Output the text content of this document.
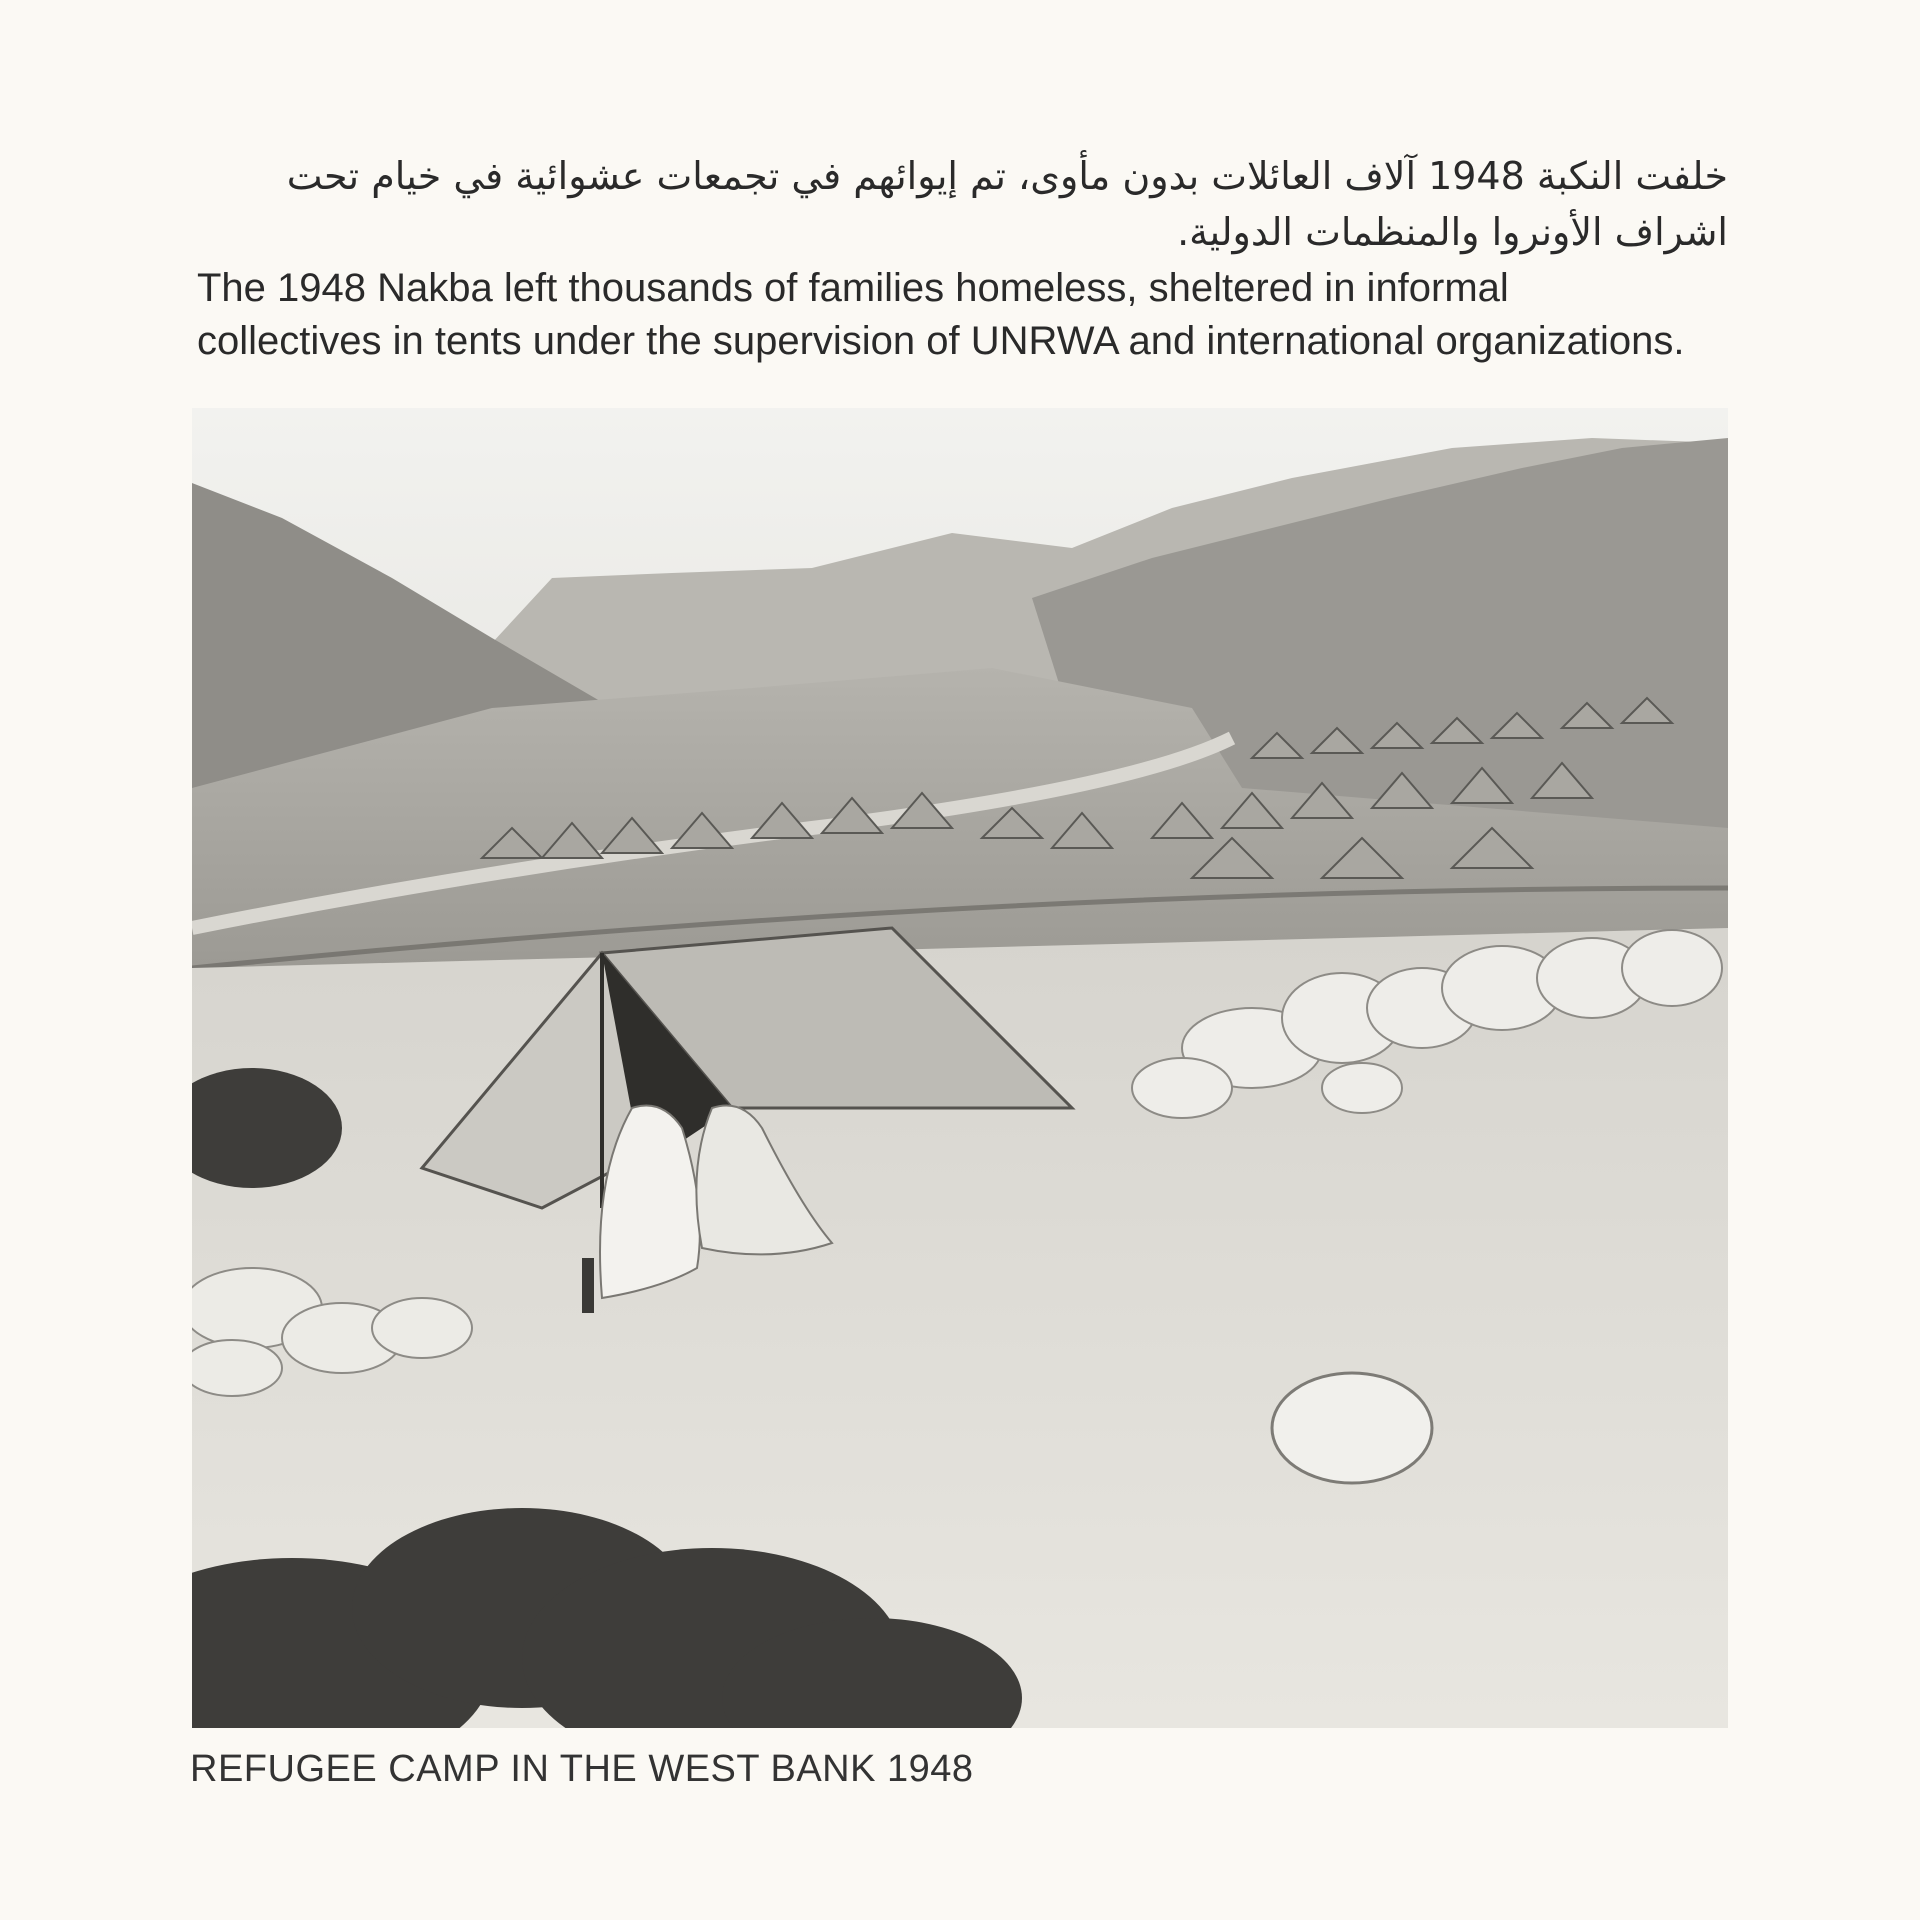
خلفت النكبة 1948 آلاف العائلات بدون مأوى، تم إيوائهم في تجمعات عشوائية في خيام تحت اشراف الأونروا والمنظمات الدولية.

The 1948 Nakba left thousands of families homeless, sheltered in informal collectives in tents under the supervision of UNRWA and international organizations.

REFUGEE CAMP IN THE WEST BANK 1948
